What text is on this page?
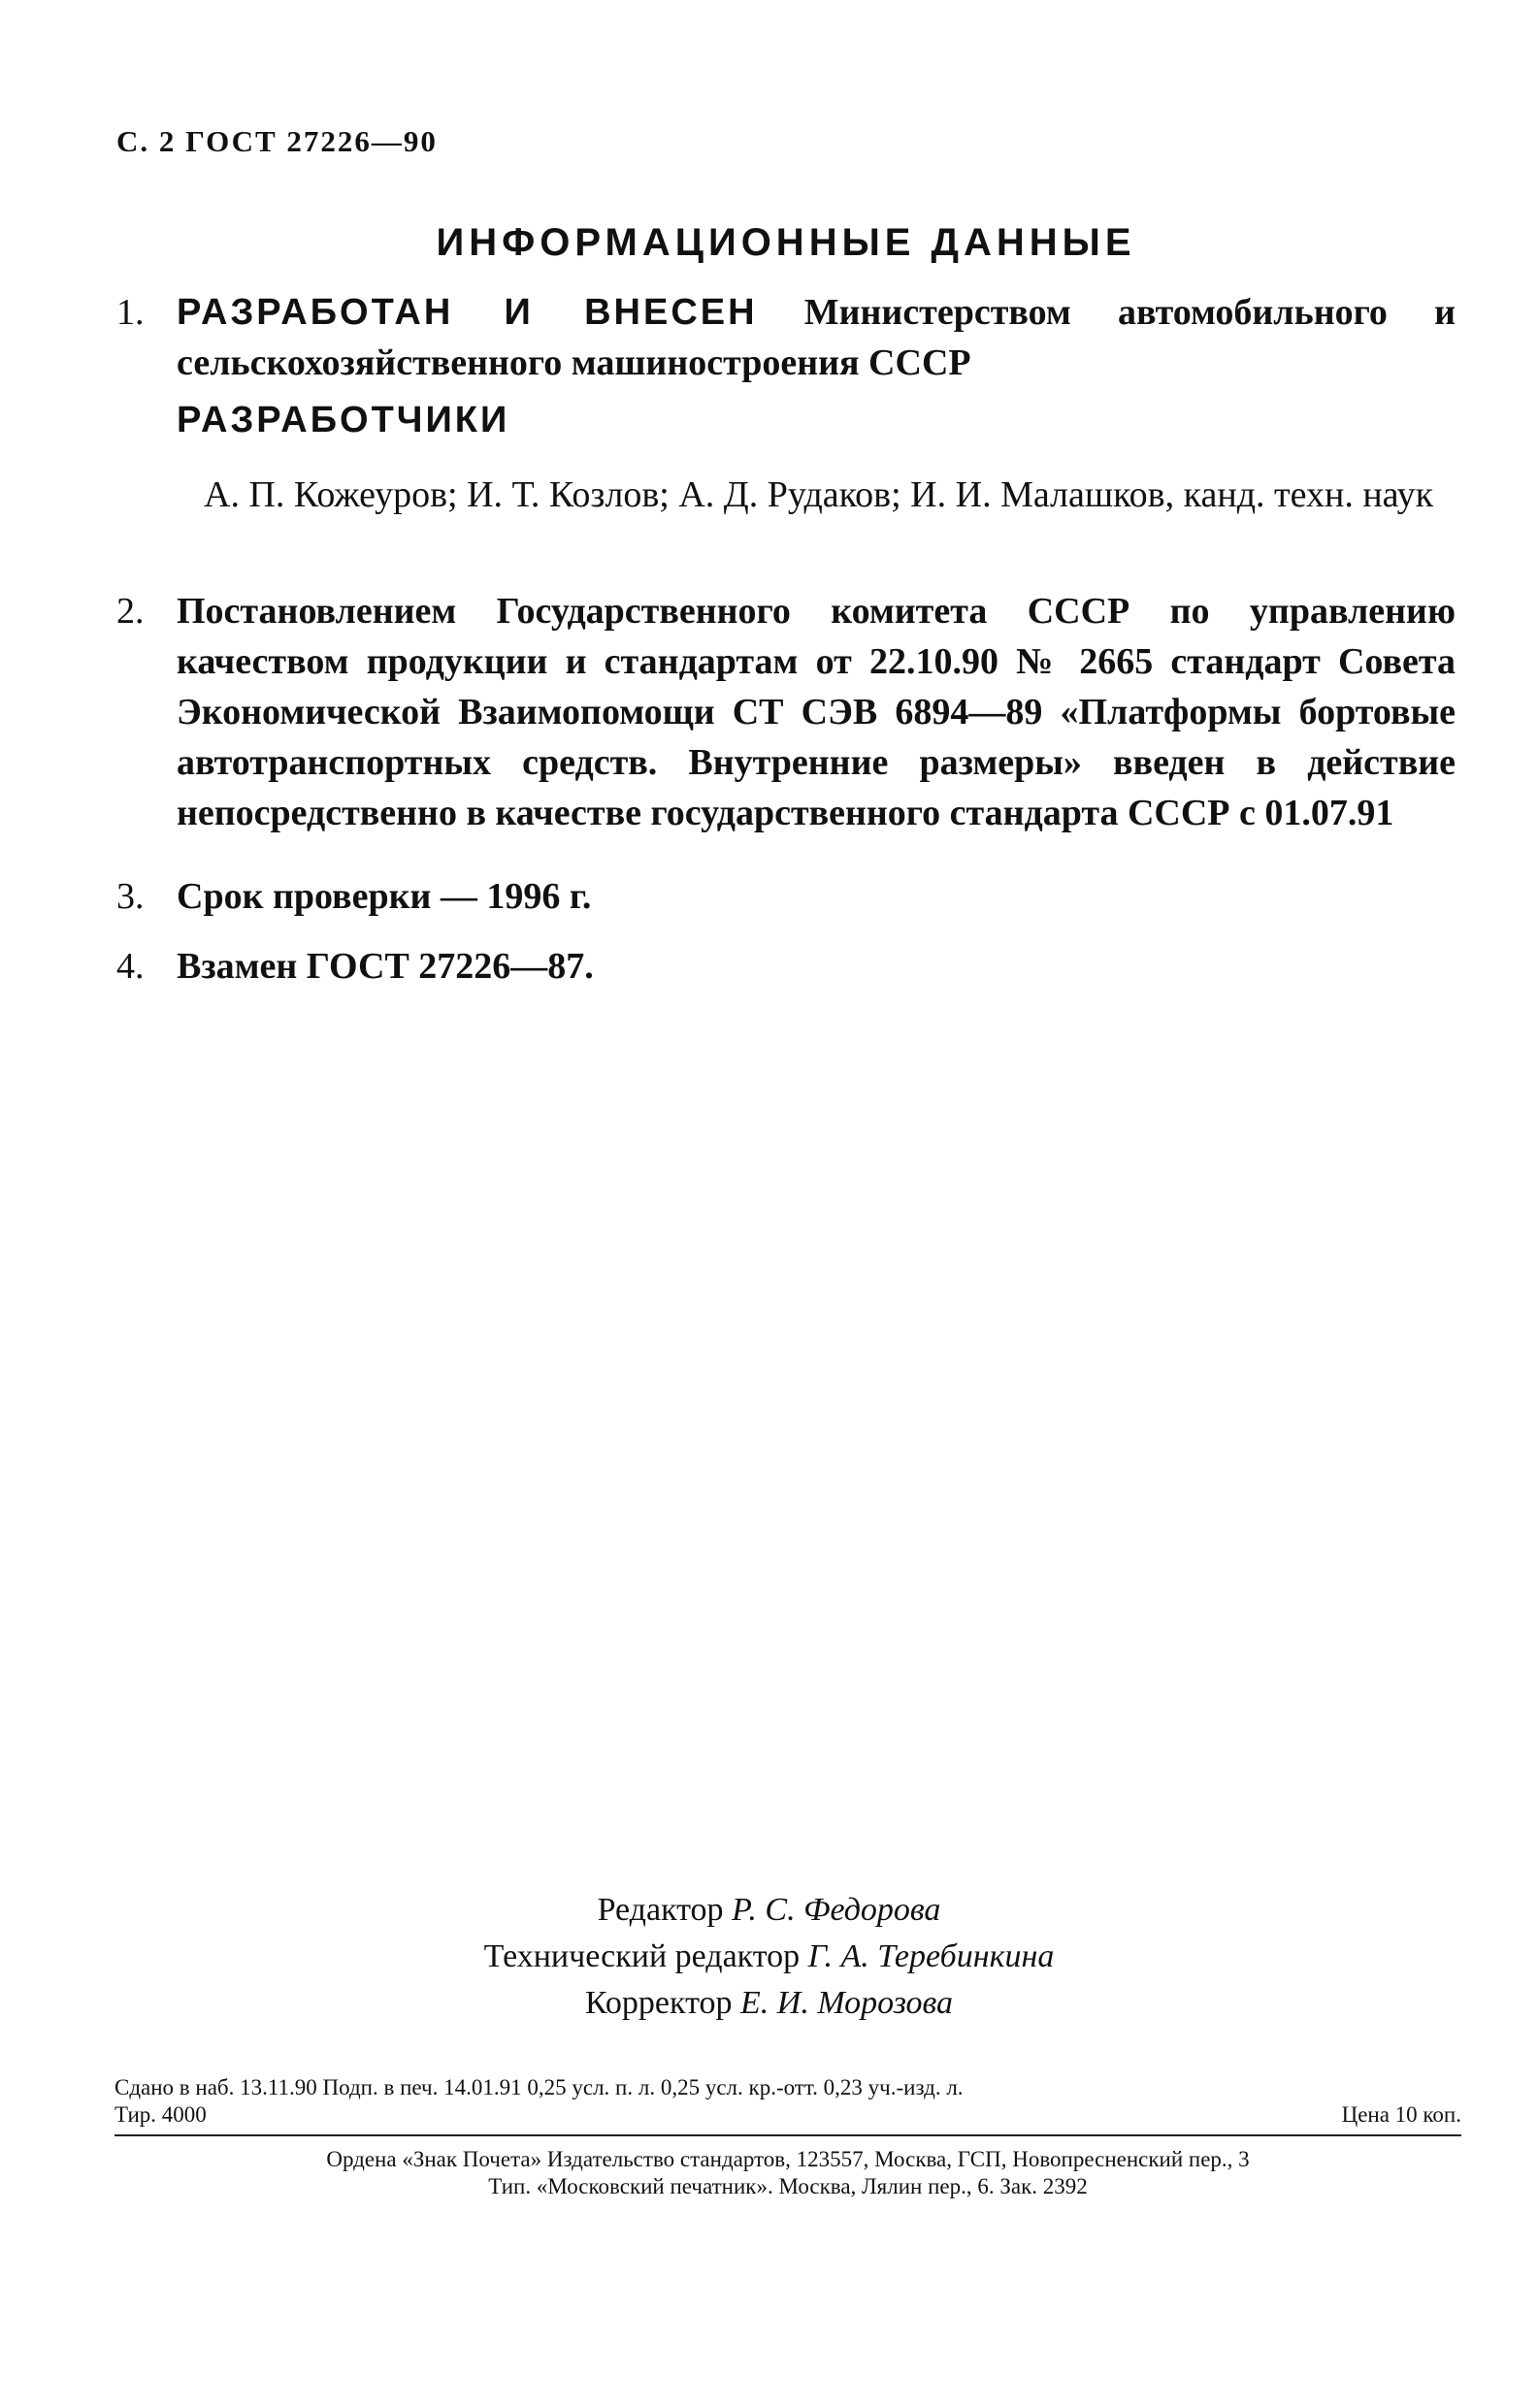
С. 2 ГОСТ 27226—90
ИНФОРМАЦИОННЫЕ ДАННЫЕ
1. РАЗРАБОТАН И ВНЕСЕН Министерством автомобильного и сельскохозяйственного машиностроения СССР
РАЗРАБОТЧИКИ
А. П. Кожеуров; И. Т. Козлов; А. Д. Рудаков; И. И. Малашков, канд. техн. наук
2. Постановлением Государственного комитета СССР по управлению качеством продукции и стандартам от 22.10.90 № 2665 стандарт Совета Экономической Взаимопомощи СТ СЭВ 6894—89 «Платформы бортовые автотранспортных средств. Внутренние размеры» введен в действие непосредственно в качестве государственного стандарта СССР с 01.07.91
3. Срок проверки — 1996 г.
4. Взамен ГОСТ 27226—87.
Редактор Р. С. Федорова
Технический редактор Г. А. Теребинкина
Корректор Е. И. Морозова
Сдано в наб. 13.11.90 Подп. в печ. 14.01.91 0,25 усл. п. л. 0,25 усл. кр.-отт. 0,23 уч.-изд. л.
Тир. 4000	Цена 10 коп.
Ордена «Знак Почета» Издательство стандартов, 123557, Москва, ГСП, Новопресненский пер., 3
Тип. «Московский печатник». Москва, Лялин пер., 6. Зак. 2392
